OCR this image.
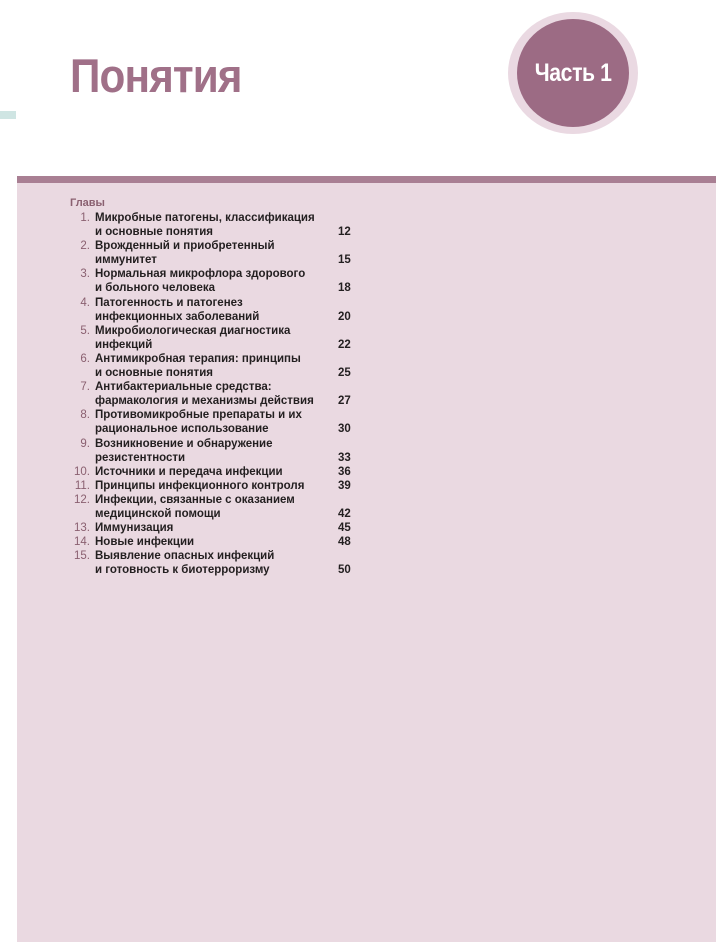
Понятия	Часть 1
Главы
1. Микробные патогены, классификация
и основные понятия	12
2. Врожденный и приобретенный
иммунитет	15
3. Нормальная микрофлора здорового
и больного человека	18
4. Патогенность и патогенез
инфекционных заболеваний	20
5. Микробиологическая диагностика
инфекций	22
6. Антимикробная терапия: принципы
и основные понятия	25
7. Антибактериальные средства:
фармакология и механизмы действия	27
8. Противомикробные препараты и их
рациональное использование	30
9. Возникновение и обнаружение
резистентности	33
10. Источники и передача инфекции	36
11. Принципы инфекционного контроля	39
12. Инфекции, связанные с оказанием
медицинской помощи	42
13. Иммунизация	45
14. Новые инфекции	48
15. Выявление опасных инфекций
и готовность к биотерроризму	50
